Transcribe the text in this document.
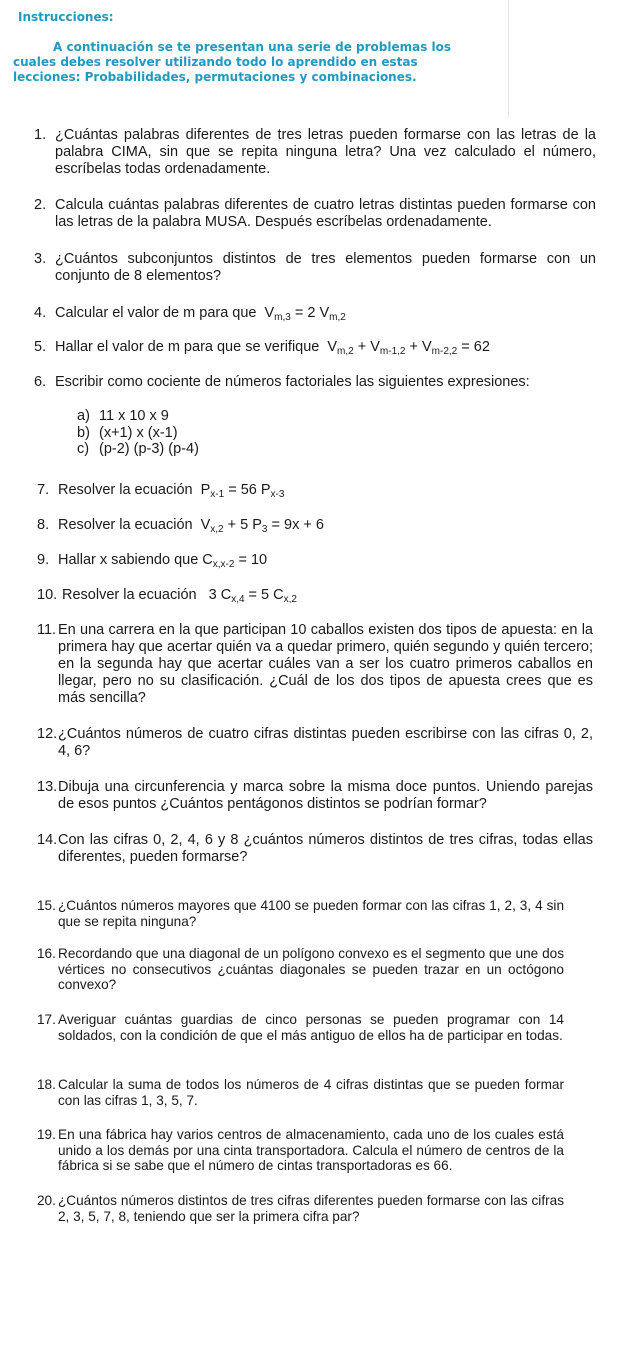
Instrucciones:
A continuación se te presentan una serie de problemas los cuales debes resolver utilizando todo lo aprendido en estas lecciones: Probabilidades, permutaciones y combinaciones.
1. ¿Cuántas palabras diferentes de tres letras pueden formarse con las letras de la palabra CIMA, sin que se repita ninguna letra? Una vez calculado el número, escríbelas todas ordenadamente.
2. Calcula cuántas palabras diferentes de cuatro letras distintas pueden formarse con las letras de la palabra MUSA. Después escríbelas ordenadamente.
3. ¿Cuántos subconjuntos distintos de tres elementos pueden formarse con un conjunto de 8 elementos?
4. Calcular el valor de m para que $V_{m,3} = 2$ $V_{m,2}$
5. Hallar el valor de m para que se verifique $V_{m,2} + V_{m-1,2} + V_{m-2,2} = 62$
6. Escribir como cociente de números factoriales las siguientes expresiones:
a) 11 x 10 x 9
b) (x+1) x (x-1)
c) (p-2) (p-3) (p-4)
7. Resolver la ecuación $P_{x-1} = 56$ $P_{x-3}$
8. Resolver la ecuación $V_{x,2} + 5$ $P_3 = 9x + 6$
9. Hallar x sabiendo que $C_{x,x-2} = 10$
10. Resolver la ecuación 3 $C_{x,4} = 5$ $C_{x,2}$
11. En una carrera en la que participan 10 caballos existen dos tipos de apuesta: en la primera hay que acertar quién va a quedar primero, quién segundo y quién tercero; en la segunda hay que acertar cuáles van a ser los cuatro primeros caballos en llegar, pero no su clasificación. ¿Cuál de los dos tipos de apuesta crees que es más sencilla?
12. ¿Cuántos números de cuatro cifras distintas pueden escribirse con las cifras 0, 2, 4, 6?
13. Dibuja una circunferencia y marca sobre la misma doce puntos. Uniendo parejas de esos puntos ¿Cuántos pentágonos distintos se podrían formar?
14. Con las cifras 0, 2, 4, 6 y 8 ¿cuántos números distintos de tres cifras, todas ellas diferentes, pueden formarse?
15. ¿Cuántos números mayores que 4100 se pueden formar con las cifras 1, 2, 3, 4 sin que se repita ninguna?
16. Recordando que una diagonal de un polígono convexo es el segmento que une dos vértices no consecutivos ¿cuántas diagonales se pueden trazar en un octógono convexo?
17. Averiguar cuántas guardias de cinco personas se pueden programar con 14 soldados, con la condición de que el más antiguo de ellos ha de participar en todas.
18. Calcular la suma de todos los números de 4 cifras distintas que se pueden formar con las cifras 1, 3, 5, 7.
19. En una fábrica hay varios centros de almacenamiento, cada uno de los cuales está unido a los demás por una cinta transportadora. Calcula el número de centros de la fábrica si se sabe que el número de cintas transportadoras es 66.
20. ¿Cuántos números distintos de tres cifras diferentes pueden formarse con las cifras 2, 3, 5, 7, 8, teniendo que ser la primera cifra par?
